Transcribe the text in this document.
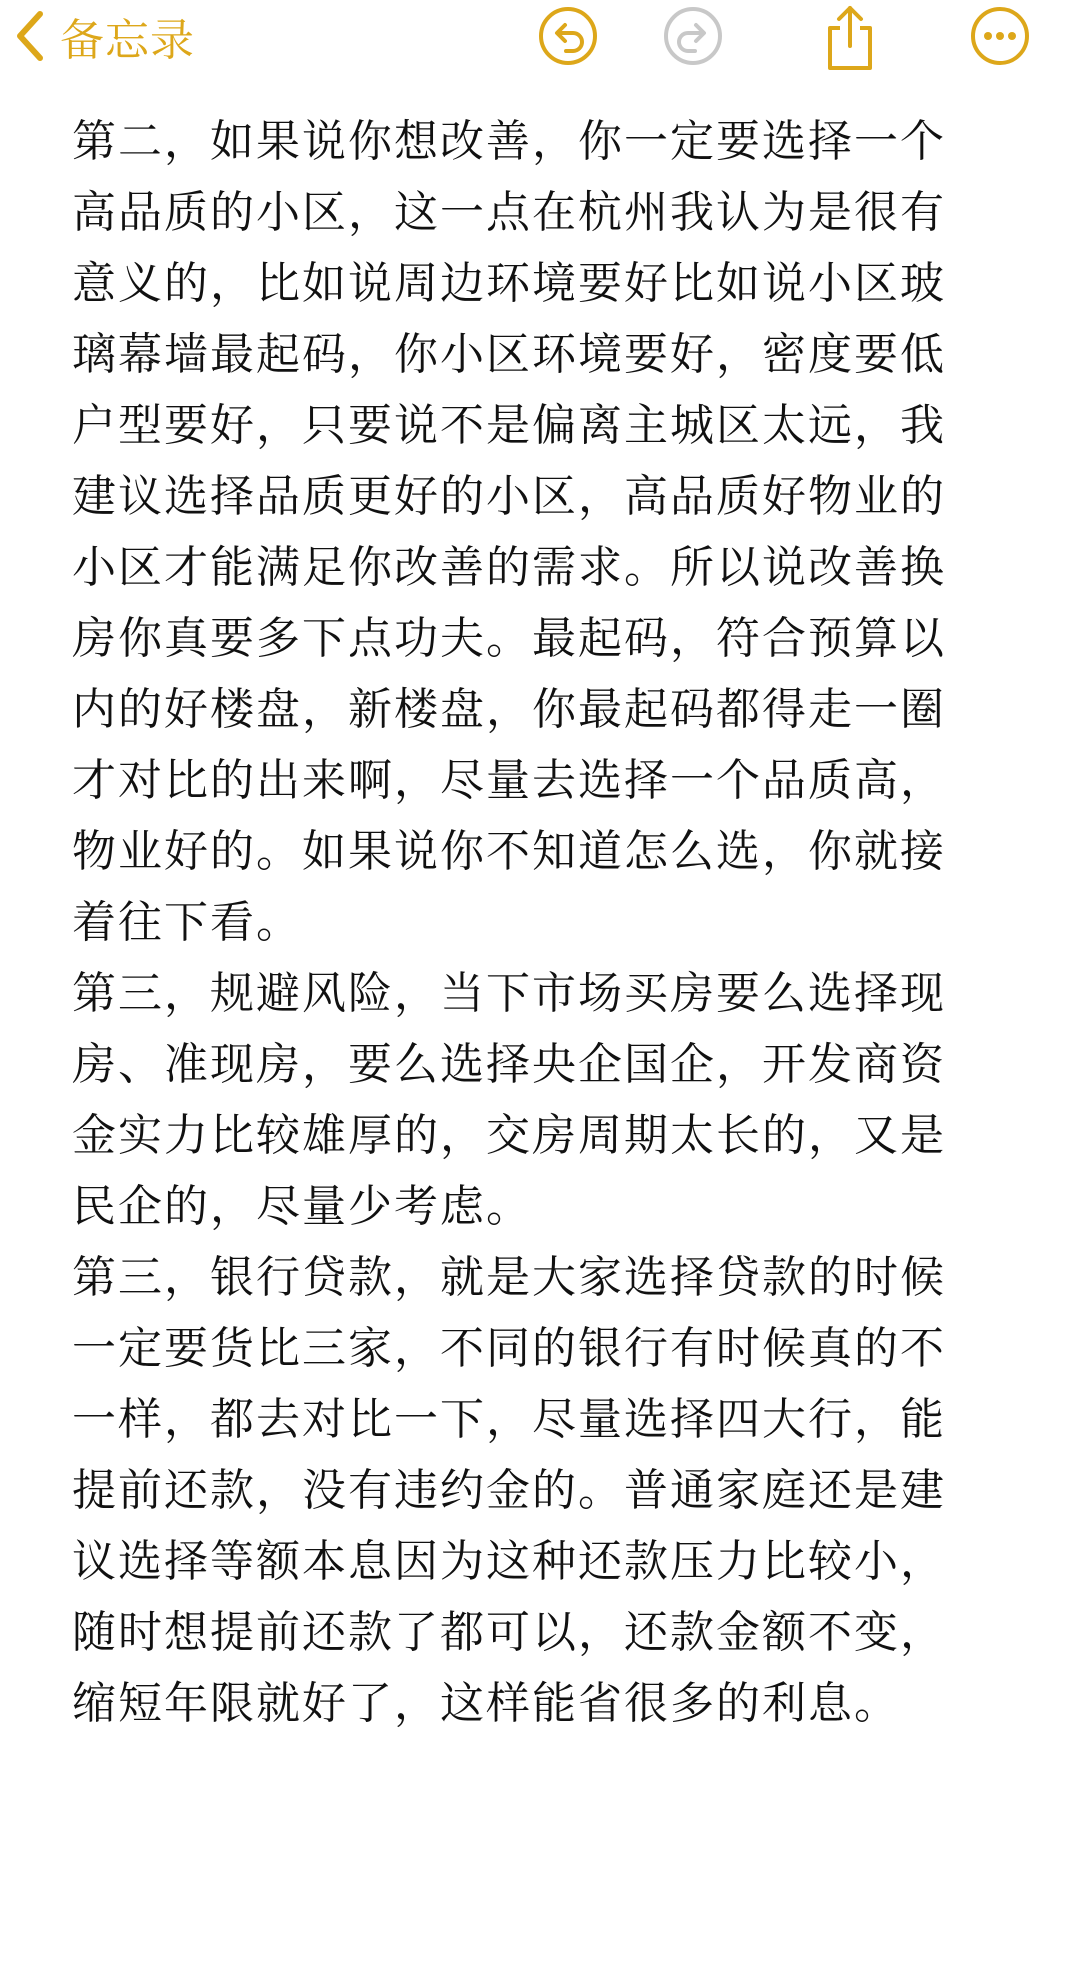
备忘录

第二，如果说你想改善，你一定要选择一个
高品质的小区，这一点在杭州我认为是很有
意义的，比如说周边环境要好比如说小区玻
璃幕墙最起码，你小区环境要好，密度要低
户型要好，只要说不是偏离主城区太远，我
建议选择品质更好的小区，高品质好物业的
小区才能满足你改善的需求。所以说改善换
房你真要多下点功夫。最起码，符合预算以
内的好楼盘，新楼盘，你最起码都得走一圈
才对比的出来啊，尽量去选择一个品质高，
物业好的。如果说你不知道怎么选，你就接
着往下看。

第三，规避风险，当下市场买房要么选择现
房、准现房，要么选择央企国企，开发商资
金实力比较雄厚的，交房周期太长的，又是
民企的，尽量少考虑。

第三，银行贷款，就是大家选择贷款的时候
一定要货比三家，不同的银行有时候真的不
一样，都去对比一下，尽量选择四大行，能
提前还款，没有违约金的。普通家庭还是建
议选择等额本息因为这种还款压力比较小，
随时想提前还款了都可以，还款金额不变，
缩短年限就好了，这样能省很多的利息。
